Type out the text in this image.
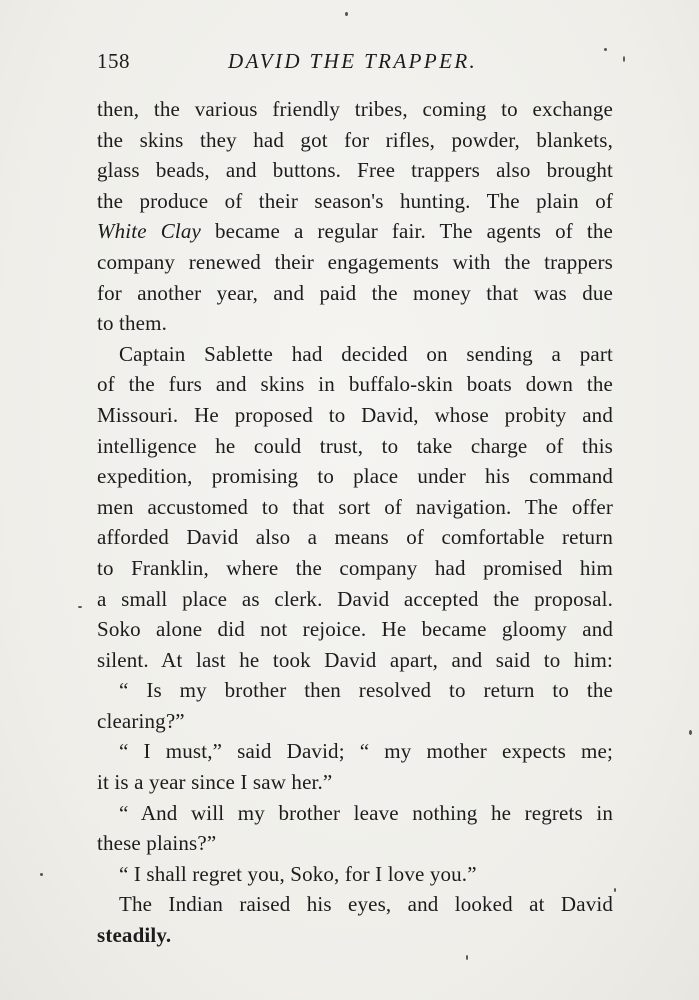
158	DAVID THE TRAPPER.
then, the various friendly tribes, coming to exchange
the skins they had got for rifles, powder, blankets,
glass beads, and buttons. Free trappers also brought
the produce of their season's hunting. The plain of
White Clay became a regular fair. The agents of the
company renewed their engagements with the trappers
for another year, and paid the money that was due
to them.
Captain Sablette had decided on sending a part
of the furs and skins in buffalo-skin boats down the
Missouri. He proposed to David, whose probity and
intelligence he could trust, to take charge of this
expedition, promising to place under his command
men accustomed to that sort of navigation. The offer
afforded David also a means of comfortable return
to Franklin, where the company had promised him
a small place as clerk. David accepted the proposal.
Soko alone did not rejoice. He became gloomy and
silent. At last he took David apart, and said to him:
“ Is my brother then resolved to return to the
clearing?”
“ I must,” said David; “ my mother expects me;
it is a year since I saw her.”
“ And will my brother leave nothing he regrets in
these plains?”
“ I shall regret you, Soko, for I love you.”
The Indian raised his eyes, and looked at David
steadily.
